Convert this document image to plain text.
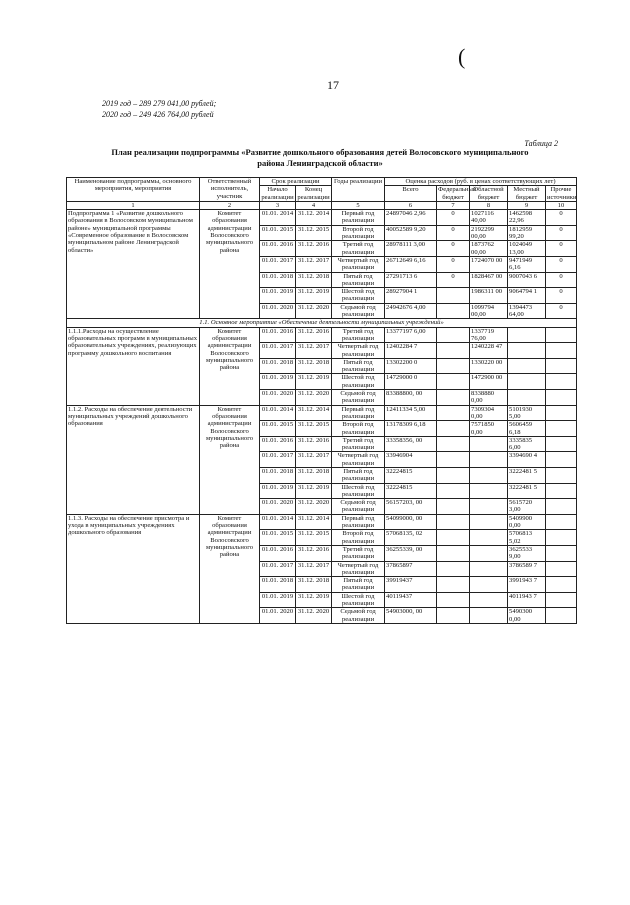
(
17
2019 год – 289 279 041,00 рублей;
2020 год – 249 426 764,00 рублей
Таблица 2
План реализации подпрограммы «Развитие дошкольного образования детей Волосовского муниципального района Ленинградской области»
Наименование подпрограммы, основного мероприятия, мероприятия	Ответственный исполнитель, участник	Срок реализации		Годы реализации	Оценка расходов (руб. в ценах соответствующих лет)				
		Начало реализации	Конец реализации		Всего	Федеральный бюджет	Областной бюджет	Местный бюджет	Прочие источники
1	2	3	4	5	6	7	8	9	10
Подпрограмма 1 «Развитие дошкольного образования в Волосовском муниципальном районе» муниципальной программы «Современное образование в Волосовском муниципальном районе Ленинградской области»	Комитет образования администрации Волосовского муниципального района	01.01. 2014	31.12. 2014	Первый год реализации	24897046 2,96	0	1027116 40,00	1462598 22,96	0
		01.01. 2015	31.12. 2015	Второй год реализации	40052589 9,20	0	2192299 00,00	1812959 99,20	0
		01.01. 2016	31.12. 2016	Третий год реализации	28978111 3,00	0	1873762 00,00	1024049 13,00	0
		01.01. 2017	31.12. 2017	Четвертый год реализации	26712649 6,16	0	1724070 00	9471949 6,16	0
		01.01. 2018	31.12. 2018	Пятый год реализации	27291713 6	0	1828467 00	9007043 6	0
		01.01. 2019	31.12. 2019	Шестой год реализации	28927904 1		1986311 00	9064794 1	0
		01.01. 2020	31.12. 2020	Седьмой год реализации	24942676 4,00		1099794 00,00	1394473 64,00	0
1.1. Основное мероприятие «Обеспечение деятельности муниципальных учреждений»									
1.1.1.Расходы на осуществление образовательных программ в муниципальных образовательных учреждениях, реализующих программу дошкольного воспитания	Комитет образования администрации Волосовского муниципального района	01.01. 2016	31.12. 2016	Третий год реализации	13377197 6,00		1337719 76,00		
		01.01. 2017	31.12. 2017	Четвертый год реализации	12402284 7		1240228 47		
		01.01. 2018	31.12. 2018	Пятый год реализации	13302200 0		1330220 00		
		01.01. 2019	31.12. 2019	Шестой год реализации	14729000 0		1472900 00		
		01.01. 2020	31.12. 2020	Седьмой год реализации	83388800, 00		8338880 0,00		
1.1.2. Расходы на обеспечение деятельности муниципальных учреждений дошкольного образования	Комитет образования администрации Волосовского муниципального района	01.01. 2014	31.12. 2014	Первый год реализации	12411334 5,00		7309304 0,00	5101930 5,00	
		01.01. 2015	31.12. 2015	Второй год реализации	13178309 6,18		7571850 0,00	5606459 6,18	
		01.01. 2016	31.12. 2016	Третий год реализации	33358356, 00			3335835 6,00	
		01.01. 2017	31.12. 2017	Четвертый год реализации	33946904			3394690 4	
		01.01. 2018	31.12. 2018	Пятый год реализации	32224815			3222481 5	
		01.01. 2019	31.12. 2019	Шестой год реализации	32224815			3222481 5	
		01.01. 2020	31.12. 2020	Седьмой год реализации	56157203, 00			5615720 3,00	
1.1.3. Расходы на обеспечение присмотра и ухода в муниципальных учреждениях дошкольного образования	Комитет образования администрации Волосовского муниципального района	01.01. 2014	31.12. 2014	Первый год реализации	54099000, 00			5409900 0,00	
		01.01. 2015	31.12. 2015	Второй год реализации	57068135, 02			5706813 5,02	
		01.01. 2016	31.12. 2016	Третий год реализации	36255339, 00			3625533 9,00	
		01.01. 2017	31.12. 2017	Четвертый год реализации	37865897			3786589 7	
		01.01. 2018	31.12. 2018	Пятый год реализации	39919437			3991943 7	
		01.01. 2019	31.12. 2019	Шестой год реализации	40119437			4011943 7	
		01.01. 2020	31.12. 2020	Седьмой год реализации	54903000, 00			5490300 0,00	
